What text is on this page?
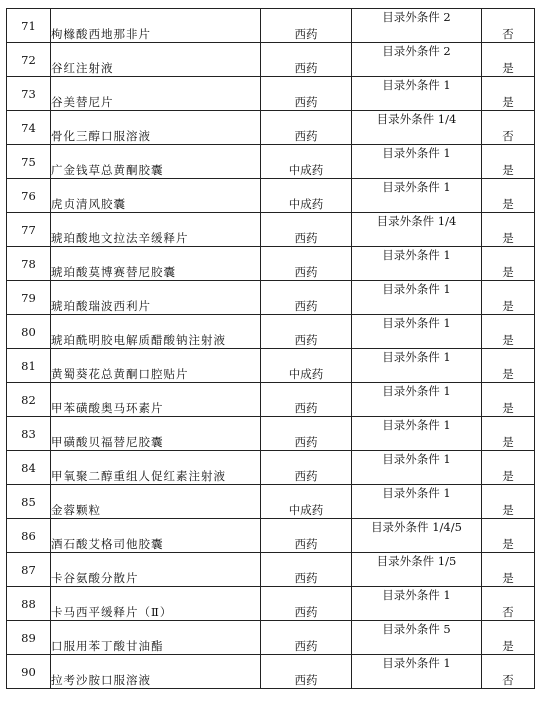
71	枸橼酸西地那非片	西药	目录外条件 2	否
72	谷红注射液	西药	目录外条件 2	是
73	谷美替尼片	西药	目录外条件 1	是
74	骨化三醇口服溶液	西药	目录外条件 1/4	否
75	广金钱草总黄酮胶囊	中成药	目录外条件 1	是
76	虎贞清风胶囊	中成药	目录外条件 1	是
77	琥珀酸地文拉法辛缓释片	西药	目录外条件 1/4	是
78	琥珀酸莫博赛替尼胶囊	西药	目录外条件 1	是
79	琥珀酸瑞波西利片	西药	目录外条件 1	是
80	琥珀酰明胶电解质醋酸钠注射液	西药	目录外条件 1	是
81	黄蜀葵花总黄酮口腔贴片	中成药	目录外条件 1	是
82	甲苯磺酸奥马环素片	西药	目录外条件 1	是
83	甲磺酸贝福替尼胶囊	西药	目录外条件 1	是
84	甲氧聚二醇重组人促红素注射液	西药	目录外条件 1	是
85	金蓉颗粒	中成药	目录外条件 1	是
86	酒石酸艾格司他胶囊	西药	目录外条件 1/4/5	是
87	卡谷氨酸分散片	西药	目录外条件 1/5	是
88	卡马西平缓释片（Ⅱ）	西药	目录外条件 1	否
89	口服用苯丁酸甘油酯	西药	目录外条件 5	是
90	拉考沙胺口服溶液	西药	目录外条件 1	否
